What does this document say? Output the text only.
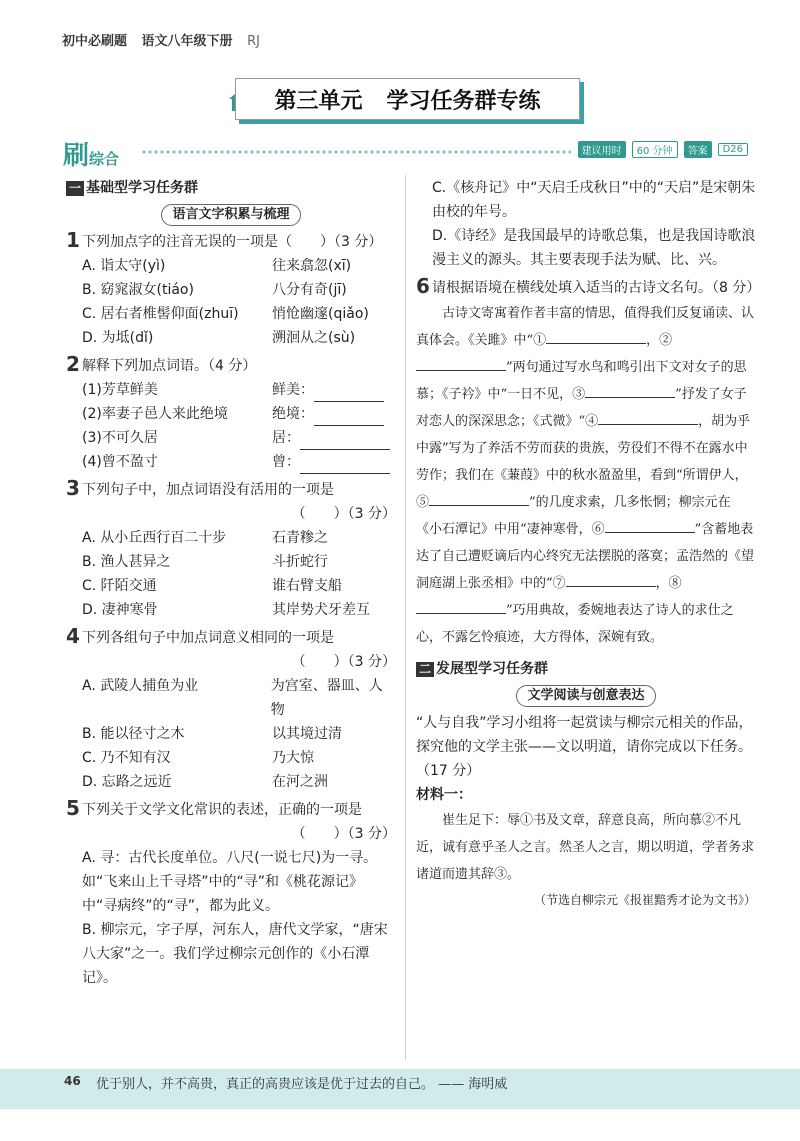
初中必刷题 语文八年级下册 RJ
第三单元 学习任务群专练
刷综合	建议用时	60 分钟	答案	D26
一 基础型学习任务群
语言文字积累与梳理
1 下列加点字的注音无误的一项是（　　）（3 分）
A. 诣太守(yì)	往来翕忽(xī)
B. 窈窕淑女(tiáo)	八分有奇(jī)
C. 居右者椎髻仰面(zhuī)	悄怆幽邃(qiǎo)
D. 为坻(dǐ)	溯洄从之(sù)
2 解释下列加点词语。（4 分）
(1)芳草鲜美	鲜美：
(2)率妻子邑人来此绝境	绝境：
(3)不可久居	居：
(4)曾不盈寸	曾：
3 下列句子中，加点词语没有活用的一项是
（　　）（3 分）
A. 从小丘西行百二十步	石青糁之
B. 渔人甚异之	斗折蛇行
C. 阡陌交通	谁右臂支船
D. 凄神寒骨	其岸势犬牙差互
4 下列各组句子中加点词意义相同的一项是
（　　）（3 分）
A. 武陵人捕鱼为业	为宫室、器皿、人物
B. 能以径寸之木	以其境过清
C. 乃不知有汉	乃大惊
D. 忘路之远近	在河之洲
5 下列关于文学文化常识的表述，正确的一项是
（　　）（3 分）
A. 寻：古代长度单位。八尺(一说七尺)为一寻。如“飞来山上千寻塔”中的“寻”和《桃花源记》中“寻病终”的“寻”，都为此义。
B. 柳宗元，字子厚，河东人，唐代文学家，“唐宋八大家”之一。我们学过柳宗元创作的《小石潭记》。
C.《核舟记》中“天启壬戌秋日”中的“天启”是宋朝朱由校的年号。
D.《诗经》是我国最早的诗歌总集，也是我国诗歌浪漫主义的源头。其主要表现手法为赋、比、兴。
6 请根据语境在横线处填入适当的古诗文名句。（8 分）
古诗文寄寓着作者丰富的情思，值得我们反复诵读、认真体会。《关雎》中“①	，②”两句通过写水鸟和鸣引出下文对女子的思慕；《子衿》中“一日不见，③	”抒发了女子对恋人的深深思念；《式微》“④	，胡为乎中露”写为了养活不劳而获的贵族，劳役们不得不在露水中劳作；我们在《蒹葭》中的秋水盈盈里，看到“所谓伊人，⑤	”的几度求索，几多怅惘；柳宗元在《小石潭记》中用“凄神寒骨，⑥	”含蓄地表达了自己遭贬谪后内心终究无法摆脱的落寞；孟浩然的《望洞庭湖上张丞相》中的“⑦	，⑧”巧用典故，委婉地表达了诗人的求仕之心，不露乞怜痕迹，大方得体，深婉有致。
二 发展型学习任务群
文学阅读与创意表达
“人与自我”学习小组将一起赏读与柳宗元相关的作品，探究他的文学主张——文以明道，请你完成以下任务。（17 分）
材料一：
崔生足下：辱①书及文章，辞意良高，所向慕②不凡近，诚有意乎圣人之言。然圣人之言，期以明道，学者务求诸道而遗其辞③。
（节选自柳宗元《报崔黯秀才论为文书》）
46 优于别人，并不高贵，真正的高贵应该是优于过去的自己。 —— 海明威
